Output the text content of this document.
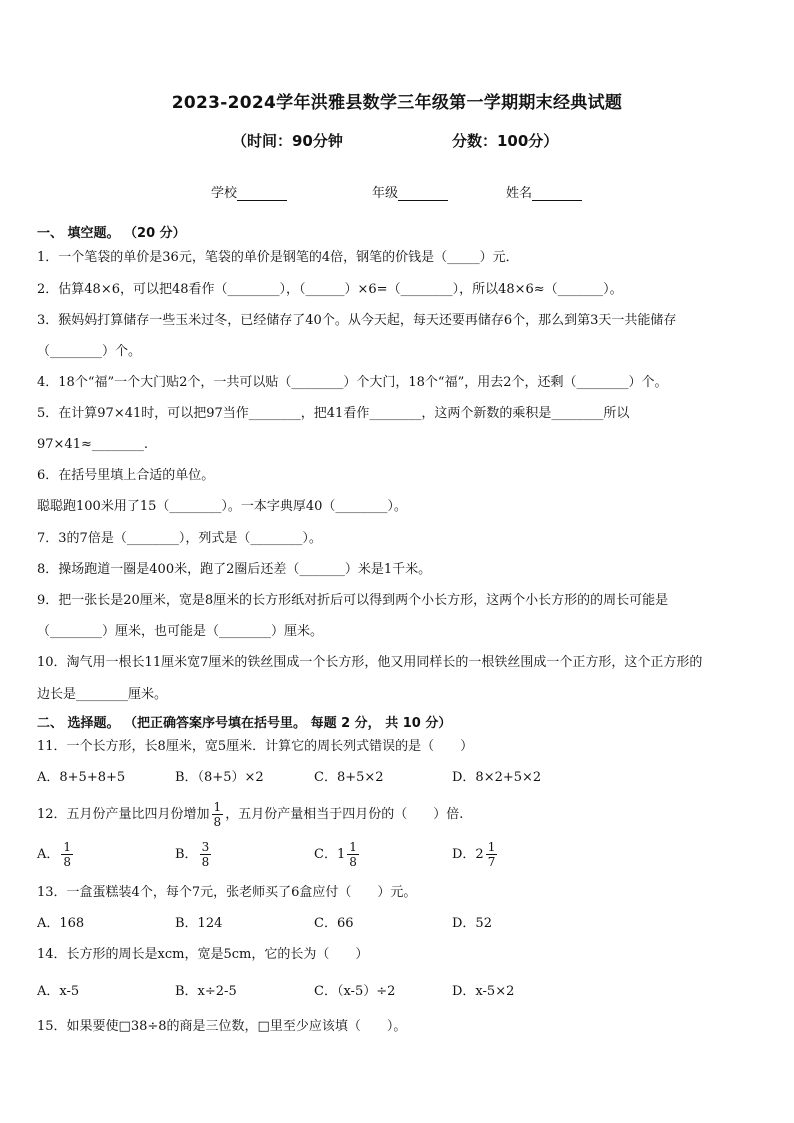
2023-2024学年洪雅县数学三年级第一学期期末经典试题
（时间：90分钟	分数：100分）
学校	年级	姓名
一、 填空题。 （20 分）
1．一个笔袋的单价是36元，笔袋的单价是钢笔的4倍，钢笔的价钱是（_____）元．
2．估算48×6，可以把48看作（________），（______）×6=（________），所以48×6≈（_______）。
3．猴妈妈打算储存一些玉米过冬，已经储存了40个。从今天起，每天还要再储存6个，那么到第3天一共能储存
（________）个。
4．18个“福”一个大门贴2个，一共可以贴（________）个大门，18个“福”，用去2个，还剩（________）个。
5．在计算97×41时，可以把97当作________，把41看作________，这两个新数的乘积是________所以
97×41≈________.
6．在括号里填上合适的单位。
聪聪跑100米用了15（________）。一本字典厚40（________）。
7．3的7倍是（________），列式是（________）。
8．操场跑道一圈是400米，跑了2圈后还差（_______）米是1千米。
9．把一张长是20厘米，宽是8厘米的长方形纸对折后可以得到两个小长方形，这两个小长方形的的周长可能是
（________）厘米，也可能是（________）厘米。
10．淘气用一根长11厘米宽7厘米的铁丝围成一个长方形，他又用同样长的一根铁丝围成一个正方形，这个正方形的
边长是________厘米。
二、 选择题。 （把正确答案序号填在括号里。 每题 2 分， 共 10 分）
11．一个长方形，长8厘米，宽5厘米．计算它的周长列式错误的是（　　）
A．8+5+8+5	B．（8+5）×2	C．8+5×2	D．8×2+5×2
12．五月份产量比四月份增加 $\frac{1}{8}$ ，五月份产量相当于四月份的（　　）倍.
A． $\frac{1}{8}$	B． $\frac{3}{8}$	C．$1 \frac{1}{8}$	D．$2 \frac{1}{7}$
13．一盒蛋糕装4个，每个7元，张老师买了6盒应付（　　）元。
A．168	B．124	C．66	D．52
14．长方形的周长是xcm，宽是5cm，它的长为（　　）
A．x-5	B．x÷2-5	C．（x-5）÷2	D．x-5×2
15．如果要使□38÷8的商是三位数，□里至少应该填（　　）。
